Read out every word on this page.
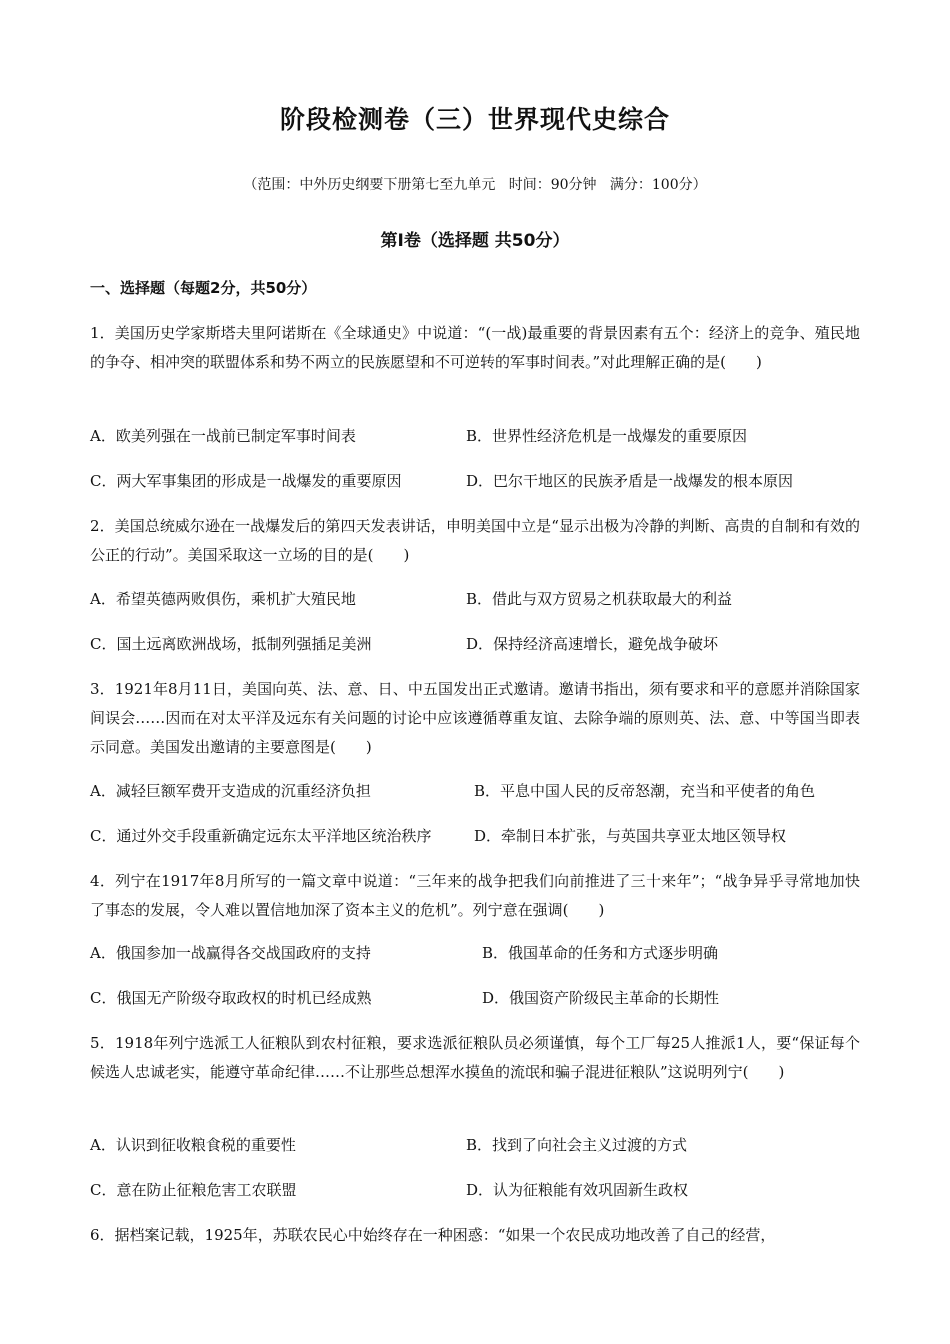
阶段检测卷（三）世界现代史综合
（范围：中外历史纲要下册第七至九单元   时间：90分钟   满分：100分）
第Ⅰ卷（选择题 共50分）
一、选择题（每题2分，共50分）
1．美国历史学家斯塔夫里阿诺斯在《全球通史》中说道：“(一战)最重要的背景因素有五个：经济上的竞争、殖民地的争夺、相冲突的联盟体系和势不两立的民族愿望和不可逆转的军事时间表。”对此理解正确的是(　　)
A．欧美列强在一战前已制定军事时间表	B．世界性经济危机是一战爆发的重要原因
C．两大军事集团的形成是一战爆发的重要原因	D．巴尔干地区的民族矛盾是一战爆发的根本原因
2．美国总统威尔逊在一战爆发后的第四天发表讲话，申明美国中立是“显示出极为冷静的判断、高贵的自制和有效的公正的行动”。美国采取这一立场的目的是(　　)
A．希望英德两败俱伤，乘机扩大殖民地	B．借此与双方贸易之机获取最大的利益
C．国土远离欧洲战场，抵制列强插足美洲	D．保持经济高速增长，避免战争破坏
3．1921年8月11日，美国向英、法、意、日、中五国发出正式邀请。邀请书指出，须有要求和平的意愿并消除国家间误会……因而在对太平洋及远东有关问题的讨论中应该遵循尊重友谊、去除争端的原则英、法、意、中等国当即表示同意。美国发出邀请的主要意图是(　　)
A．减轻巨额军费开支造成的沉重经济负担	B．平息中国人民的反帝怒潮，充当和平使者的角色
C．通过外交手段重新确定远东太平洋地区统治秩序	D．牵制日本扩张，与英国共享亚太地区领导权
4．列宁在1917年8月所写的一篇文章中说道：“三年来的战争把我们向前推进了三十来年”；“战争异乎寻常地加快了事态的发展，令人难以置信地加深了资本主义的危机”。列宁意在强调(　　)
A．俄国参加一战赢得各交战国政府的支持	B．俄国革命的任务和方式逐步明确
C．俄国无产阶级夺取政权的时机已经成熟	D．俄国资产阶级民主革命的长期性
5．1918年列宁选派工人征粮队到农村征粮，要求选派征粮队员必须谨慎，每个工厂每25人推派1人，要“保证每个候选人忠诚老实，能遵守革命纪律……不让那些总想浑水摸鱼的流氓和骗子混进征粮队”这说明列宁(　　)
A．认识到征收粮食税的重要性	B．找到了向社会主义过渡的方式
C．意在防止征粮危害工农联盟	D．认为征粮能有效巩固新生政权
6．据档案记载，1925年，苏联农民心中始终存在一种困惑：“如果一个农民成功地改善了自己的经营，
